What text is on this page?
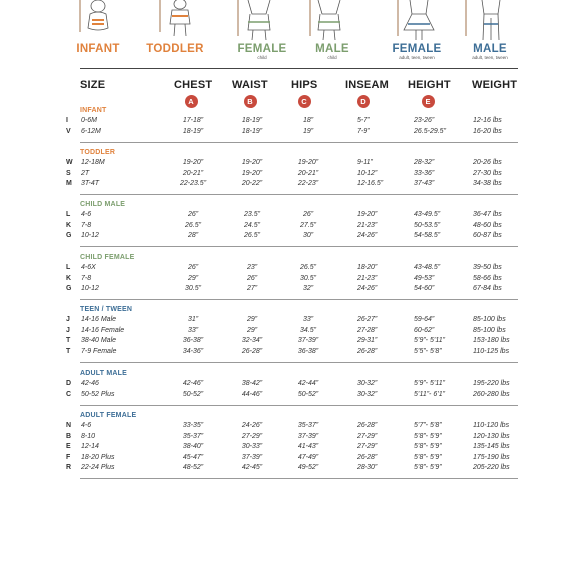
INFANT	TODDLER	FEMALE
child
MALE
child
FEMALE
adult, teen, tween
MALE
adult, teen, tween
SIZE	CHEST WAIST HIPS	INSEAM HEIGHT WEIGHT
A	B	C	D	E
INFANT
I 0-6M	17-18”	18-19”	18”	5-7”	23-26”	12-16 lbs
V 6-12M	18-19”	18-19”	19”	7-9”	26.5-29.5”	16-20 lbs
TODDLER
W 12-18M	19-20”	19-20”	19-20”	9-11”	28-32”	20-26 lbs
S 2T	20-21”	19-20”	20-21”	10-12”	33-36”	27-30 lbs
M 3T-4T	22-23.5”	20-22”	22-23”	12-16.5”	37-43”	34-38 lbs
CHILD MALE
L 4-6	26”	23.5”	26”	19-20”	43-49.5”	36-47 lbs
K 7-8	26.5”	24.5”	27.5”	21-23”	50-53.5”	48-60 lbs
G 10-12	28”	26.5”	30”	24-26”	54-58.5”	60-87 lbs
CHILD FEMALE
L 4-6X	26”	23”	26.5”	18-20”	43-48.5”	39-50 lbs
K 7-8	29”	26”	30.5”	21-23”	49-53”	58-66 lbs
G 10-12	30.5”	27”	32”	24-26”	54-60”	67-84 lbs
TEEN / TWEEN
J 14-16 Male	31”	29”	33”	26-27”	59-64”	85-100 lbs
J 14-16 Female	33”	29”	34.5”	27-28”	60-62”	85-100 lbs
T 38-40 Male	36-38”	32-34”	37-39”	29-31”	5’9”- 5’11”	153-180 lbs
T 7-9 Female	34-36”	26-28”	36-38”	26-28”	5’5”- 5’8”	110-125 lbs
ADULT MALE
D 42-46	42-46”	38-42”	42-44”	30-32”	5’9”- 5’11”	195-220 lbs
C 50-52 Plus	50-52”	44-46”	50-52”	30-32”	5’11”- 6’1”	260-280 lbs
ADULT FEMALE
N 4-6	33-35”	24-26”	35-37”	26-28”	5’7”- 5’8”	110-120 lbs
B 8-10	35-37”	27-29”	37-39”	27-29”	5’8”- 5’9”	120-130 lbs
E 12-14	38-40”	30-33”	41-43”	27-29”	5’8”- 5’9”	135-145 lbs
F 18-20 Plus	45-47”	37-39”	47-49”	26-28”	5’8”- 5’9”	175-190 lbs
R 22-24 Plus	48-52”	42-45”	49-52”	28-30”	5’8”- 5’9”	205-220 lbs
